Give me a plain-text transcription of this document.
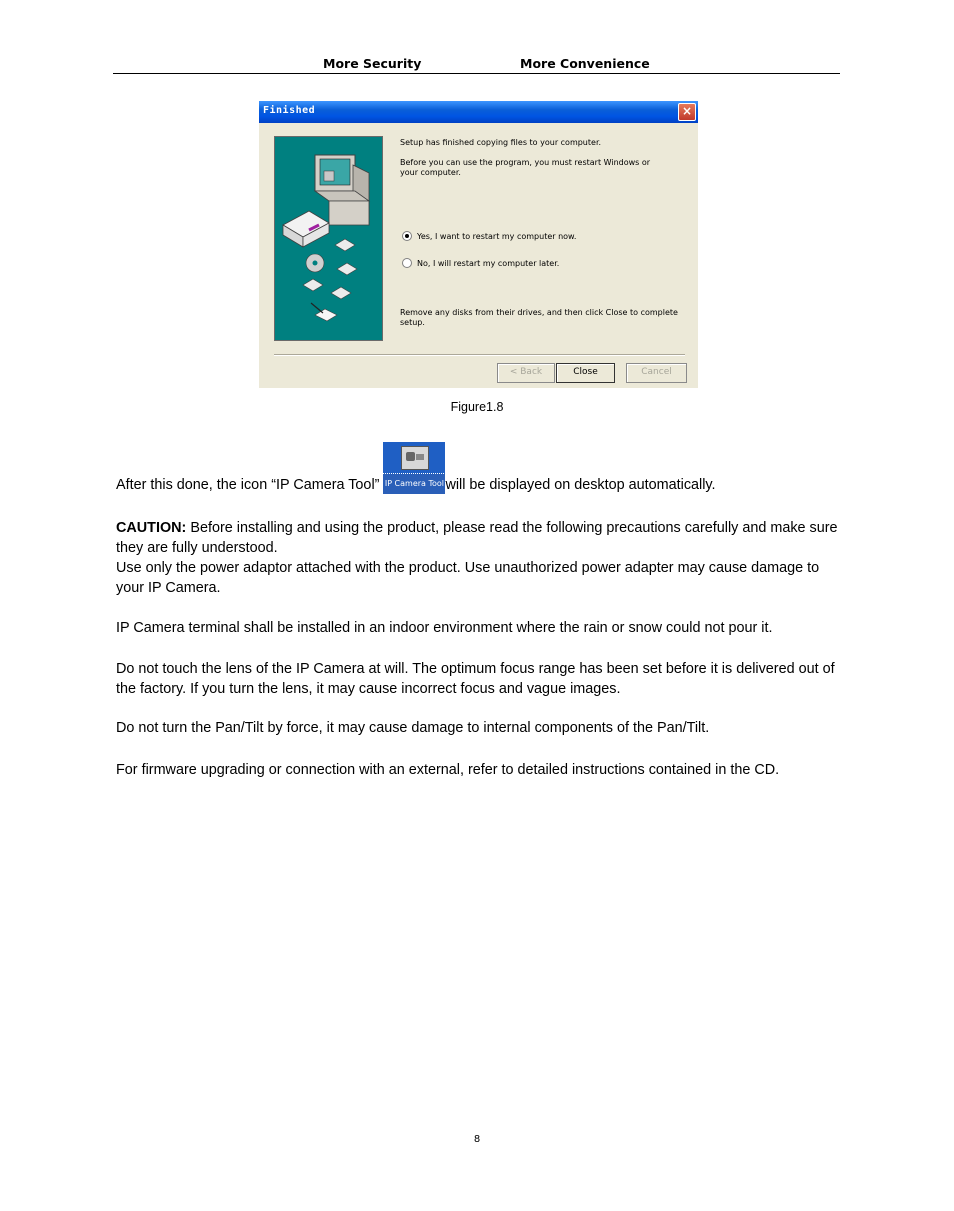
More Security	More Convenience
Finished	×
Setup has finished copying files to your computer.
Before you can use the program, you must restart Windows or your computer.
Yes, I want to restart my computer now.
No, I will restart my computer later.
Remove any disks from their drives, and then click Close to complete setup.
< Back	Close	Cancel
Figure1.8
After this done, the icon “IP Camera Tool” IP Camera Tool will be displayed on desktop automatically.
CAUTION: Before installing and using the product, please read the following precautions carefully and make sure they are fully understood.
Use only the power adaptor attached with the product. Use unauthorized power adapter may cause damage to your IP Camera.
IP Camera terminal shall be installed in an indoor environment where the rain or snow could not pour it.
Do not touch the lens of the IP Camera at will. The optimum focus range has been set before it is delivered out of the factory. If you turn the lens, it may cause incorrect focus and vague images.
Do not turn the Pan/Tilt by force, it may cause damage to internal components of the Pan/Tilt.
For firmware upgrading or connection with an external, refer to detailed instructions contained in the CD.
8
